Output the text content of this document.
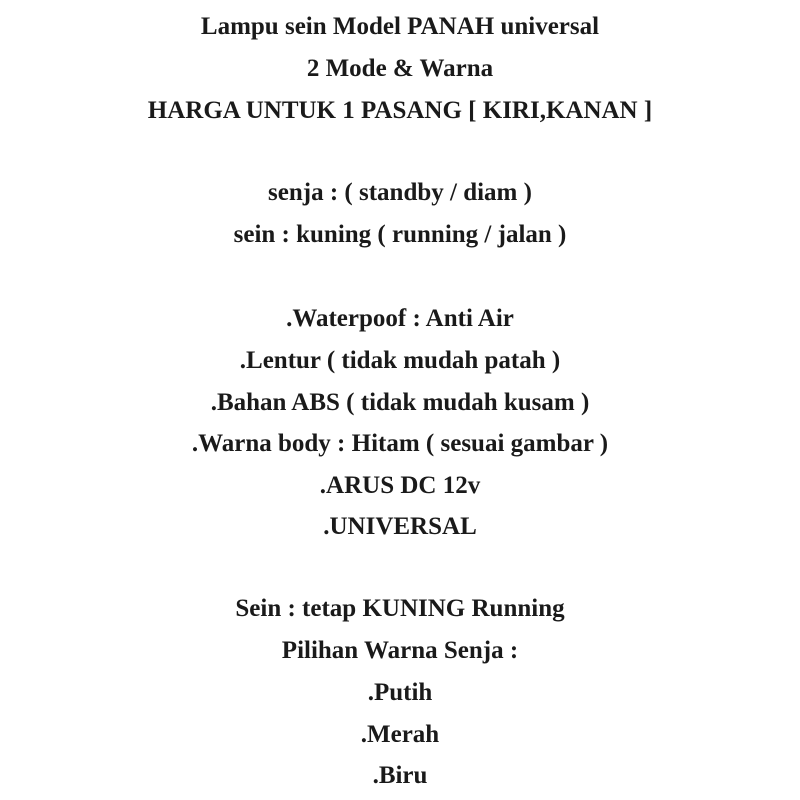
Lampu sein Model PANAH universal
2 Mode & Warna
HARGA UNTUK 1 PASANG [ KIRI,KANAN ]
senja : ( standby / diam )
sein : kuning ( running / jalan )
.Waterpoof : Anti Air
.Lentur ( tidak mudah patah )
.Bahan ABS ( tidak mudah kusam )
.Warna body : Hitam ( sesuai gambar )
.ARUS DC 12v
.UNIVERSAL
Sein : tetap KUNING Running
Pilihan Warna Senja :
.Putih
.Merah
.Biru
